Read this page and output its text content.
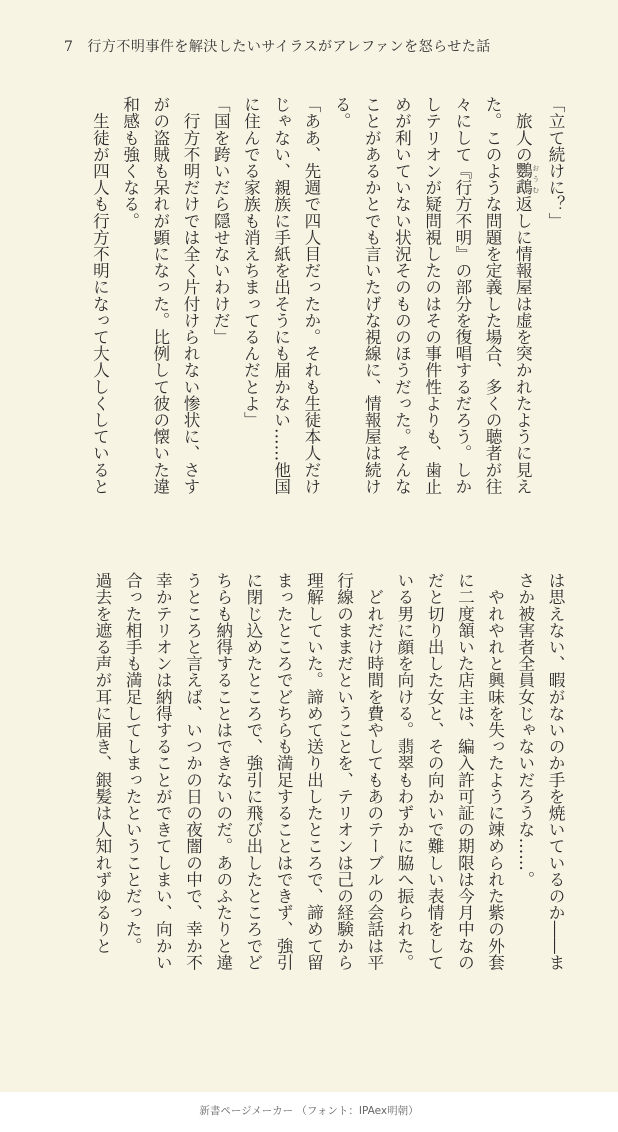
7 行方不明事件を解決したいサイラスがアレファンを怒らせた話
「立て続けに？」
　旅人の鸚鵡 おうむ返しに情報屋は虚を突かれたように見え
た。このような問題を定義した場合、多くの聴者が往
々にして『行方不明』の部分を復唱するだろう。しか
しテリオンが疑問視したのはその事件性よりも、歯止
めが利いていない状況そのもののほうだった。そんな
ことがあるかとでも言いたげな視線に、情報屋は続け
る。
「ああ、先週で四人目だったか。それも生徒本人だけ
じゃない、親族に手紙を出そうにも届かない……他国
に住んでる家族も消えちまってるんだとよ」
「国を跨いだら隠せないわけだ」
　行方不明だけでは全く片付けられない惨状に、さす
がの盗賊も呆れが顕になった。比例して彼の懐いた違
和感も強くなる。
　生徒が四人も行方不明になって大人しくしていると
は思えない、暇がないのか手を焼いているのか――ま
さか被害者全員女じゃないだろうな……。
　やれやれと興味を失ったように竦められた紫の外套
に二度頷いた店主は、編入許可証の期限は今月中なの
だと切り出した女と、その向かいで難しい表情をして
いる男に顔を向ける。翡翠もわずかに脇へ振られた。
　どれだけ時間を費やしてもあのテーブルの会話は平
行線のままだということを、テリオンは己の経験から
理解していた。諦めて送り出したところで、諦めて留
まったところでどちらも満足することはできず、強引
に閉じ込めたところで、強引に飛び出したところでど
ちらも納得することはできないのだ。あのふたりと違
うところと言えば、いつかの日の夜闇の中で、幸か不
幸かテリオンは納得することができてしまい、向かい
合った相手も満足してしまったということだった。
過去を遮る声が耳に届き、銀髪は人知れずゆるりと
新書ページメーカー （フォント：IPAex明朝）
